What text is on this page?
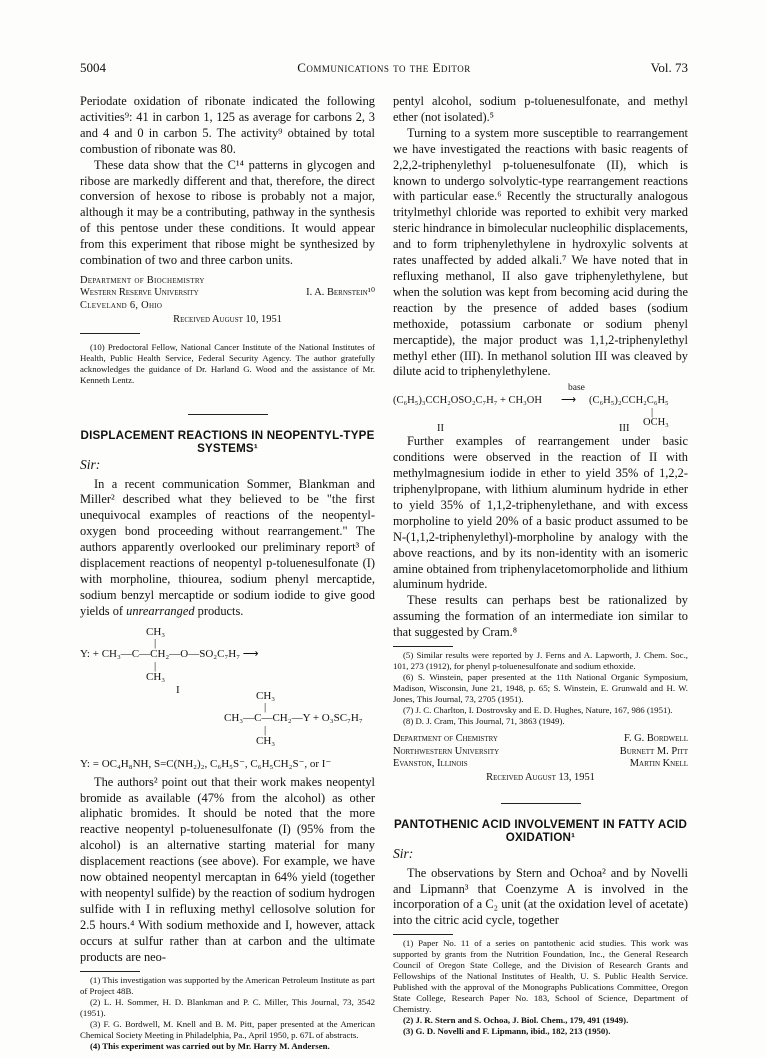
5004	Communications to the Editor	Vol. 73

Periodate oxidation of ribonate indicated the following activities⁹: 41 in carbon 1, 125 as average for carbons 2, 3 and 4 and 0 in carbon 5. The activity⁹ obtained by total combustion of ribonate was 80.

These data show that the C¹⁴ patterns in glycogen and ribose are markedly different and that, therefore, the direct conversion of hexose to ribose is probably not a major, although it may be a contributing, pathway in the synthesis of this pentose under these conditions. It would appear from this experiment that ribose might be synthesized by combination of two and three carbon units.

Department of Biochemistry
Western Reserve University	I. A. Bernstein¹⁰
Cleveland 6, Ohio
Received August 10, 1951

(10) Predoctoral Fellow, National Cancer Institute of the National Institutes of Health, Public Health Service, Federal Security Agency. The author gratefully acknowledges the guidance of Dr. Harland G. Wood and the assistance of Mr. Kenneth Lentz.

DISPLACEMENT REACTIONS IN NEOPENTYL-TYPE SYSTEMS¹
Sir:

In a recent communication Sommer, Blankman and Miller² described what they believed to be "the first unequivocal examples of reactions of the neopentyl-oxygen bond proceeding without rearrangement." The authors apparently overlooked our preliminary report³ of displacement reactions of neopentyl p-toluenesulfonate (I) with morpholine, thiourea, sodium phenyl mercaptide, sodium benzyl mercaptide or sodium iodide to give good yields of unrearranged products.

CH₃
|
Y: + CH₃—C—CH₂—O—SO₂C₇H₇ ⟶
|
CH₃
I	CH₃
|
CH₃—C—CH₂—Y + O₃SC₇H₇
|
CH₃
Y: = OC₄H₈NH, S=C(NH₂)₂, C₆H₅S⁻, C₆H₅CH₂S⁻, or I⁻

The authors² point out that their work makes neopentyl bromide as available (47% from the alcohol) as other aliphatic bromides. It should be noted that the more reactive neopentyl p-toluenesulfonate (I) (95% from the alcohol) is an alternative starting material for many displacement reactions (see above). For example, we have now obtained neopentyl mercaptan in 64% yield (together with neopentyl sulfide) by the reaction of sodium hydrogen sulfide with I in refluxing methyl cellosolve solution for 2.5 hours.⁴ With sodium methoxide and I, however, attack occurs at sulfur rather than at carbon and the ultimate products are neo-

(1) This investigation was supported by the American Petroleum Institute as part of Project 48B.

(2) L. H. Sommer, H. D. Blankman and P. C. Miller, This Journal, 73, 3542 (1951).

(3) F. G. Bordwell, M. Knell and B. M. Pitt, paper presented at the American Chemical Society Meeting in Philadelphia, Pa., April 1950, p. 67L of abstracts.

(4) This experiment was carried out by Mr. Harry M. Andersen.

pentyl alcohol, sodium p-toluenesulfonate, and methyl ether (not isolated).⁵

Turning to a system more susceptible to rearrangement we have investigated the reactions with basic reagents of 2,2,2-triphenylethyl p-toluenesulfonate (II), which is known to undergo solvolytic-type rearrangement reactions with particular ease.⁶ Recently the structurally analogous tritylmethyl chloride was reported to exhibit very marked steric hindrance in bimolecular nucleophilic displacements, and to form triphenylethylene in hydroxylic solvents at rates unaffected by added alkali.⁷ We have noted that in refluxing methanol, II also gave triphenylethylene, but when the solution was kept from becoming acid during the reaction by the presence of added bases (sodium methoxide, potassium carbonate or sodium phenyl mercaptide), the major product was 1,1,2-triphenylethyl methyl ether (III). In methanol solution III was cleaved by dilute acid to triphenylethylene.

base
(C₆H₅)₃CCH₂OSO₂C₇H₇ + CH₃OH ⟶ (C₆H₅)₂CCH₂C₆H₅
|
OCH₃
II	III

Further examples of rearrangement under basic conditions were observed in the reaction of II with methylmagnesium iodide in ether to yield 35% of 1,2,2-triphenylpropane, with lithium aluminum hydride in ether to yield 35% of 1,1,2-triphenylethane, and with excess morpholine to yield 20% of a basic product assumed to be N-(1,1,2-triphenylethyl)-morpholine by analogy with the above reactions, and by its non-identity with an isomeric amine obtained from triphenylacetomorpholide and lithium aluminum hydride.

These results can perhaps best be rationalized by assuming the formation of an intermediate ion similar to that suggested by Cram.⁸

(5) Similar results were reported by J. Ferns and A. Lapworth, J. Chem. Soc., 101, 273 (1912), for phenyl p-toluenesulfonate and sodium ethoxide.

(6) S. Winstein, paper presented at the 11th National Organic Symposium, Madison, Wisconsin, June 21, 1948, p. 65; S. Winstein, E. Grunwald and H. W. Jones, This Journal, 73, 2705 (1951).

(7) J. C. Charlton, I. Dostrovsky and E. D. Hughes, Nature, 167, 986 (1951).

(8) D. J. Cram, This Journal, 71, 3863 (1949).

Department of Chemistry	F. G. Bordwell
Northwestern University	Burnett M. Pitt
Evanston, Illinois	Martin Knell
Received August 13, 1951
PANTOTHENIC ACID INVOLVEMENT IN FATTY ACID OXIDATION¹
Sir:

The observations by Stern and Ochoa² and by Novelli and Lipmann³ that Coenzyme A is involved in the incorporation of a C₂ unit (at the oxidation level of acetate) into the citric acid cycle, together

(1) Paper No. 11 of a series on pantothenic acid studies. This work was supported by grants from the Nutrition Foundation, Inc., the General Research Council of Oregon State College, and the Division of Research Grants and Fellowships of the National Institutes of Health, U. S. Public Health Service. Published with the approval of the Monographs Publications Committee, Oregon State College, Research Paper No. 183, School of Science, Department of Chemistry.

(2) J. R. Stern and S. Ochoa, J. Biol. Chem., 179, 491 (1949).

(3) G. D. Novelli and F. Lipmann, ibid., 182, 213 (1950).
